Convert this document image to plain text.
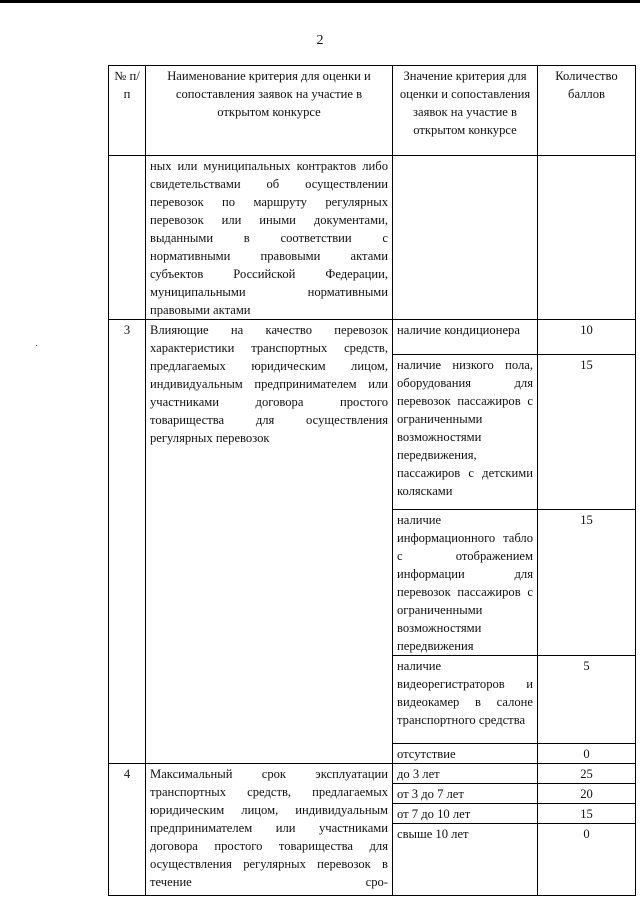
2
№ п/п	Наименование критерия для оценки и сопоставления заявок на участие в открытом конкурсе	Значение критерия для оценки и сопоставления заявок на участие в открытом конкурсе	Количество баллов
	ных или муниципальных контрактов либо свидетельствами об осуществлении перевозок по маршруту регулярных перевозок или иными документами, выданными в соответствии с нормативными правовыми актами субъектов Российской Федерации, муниципальными нормативными правовыми актами		
3	Влияющие на качество перевозок характеристики транспортных средств, предлагаемых юридическим лицом, индивидуальным предпринимателем или участниками договора простого товарищества для осуществления регулярных перевозок	наличие кондиционера	10
		наличие низкого пола, оборудования для перевозок пассажиров с ограниченными возможностями передвижения, пассажиров с детскими колясками	15
		наличие информационного табло с отображением информации для перевозок пассажиров с ограниченными возможностями передвижения	15
		наличие видеорегистраторов и видеокамер в салоне транспортного средства	5
		отсутствие	0
4	Максимальный срок эксплуатации транспортных средств, предлагаемых юридическим лицом, индивидуальным предпринимателем или участниками договора простого товарищества для осуществления регулярных перевозок в течение сро-	до 3 лет	25
		от 3 до 7 лет	20
		от 7 до 10 лет	15
		свыше 10 лет	0
